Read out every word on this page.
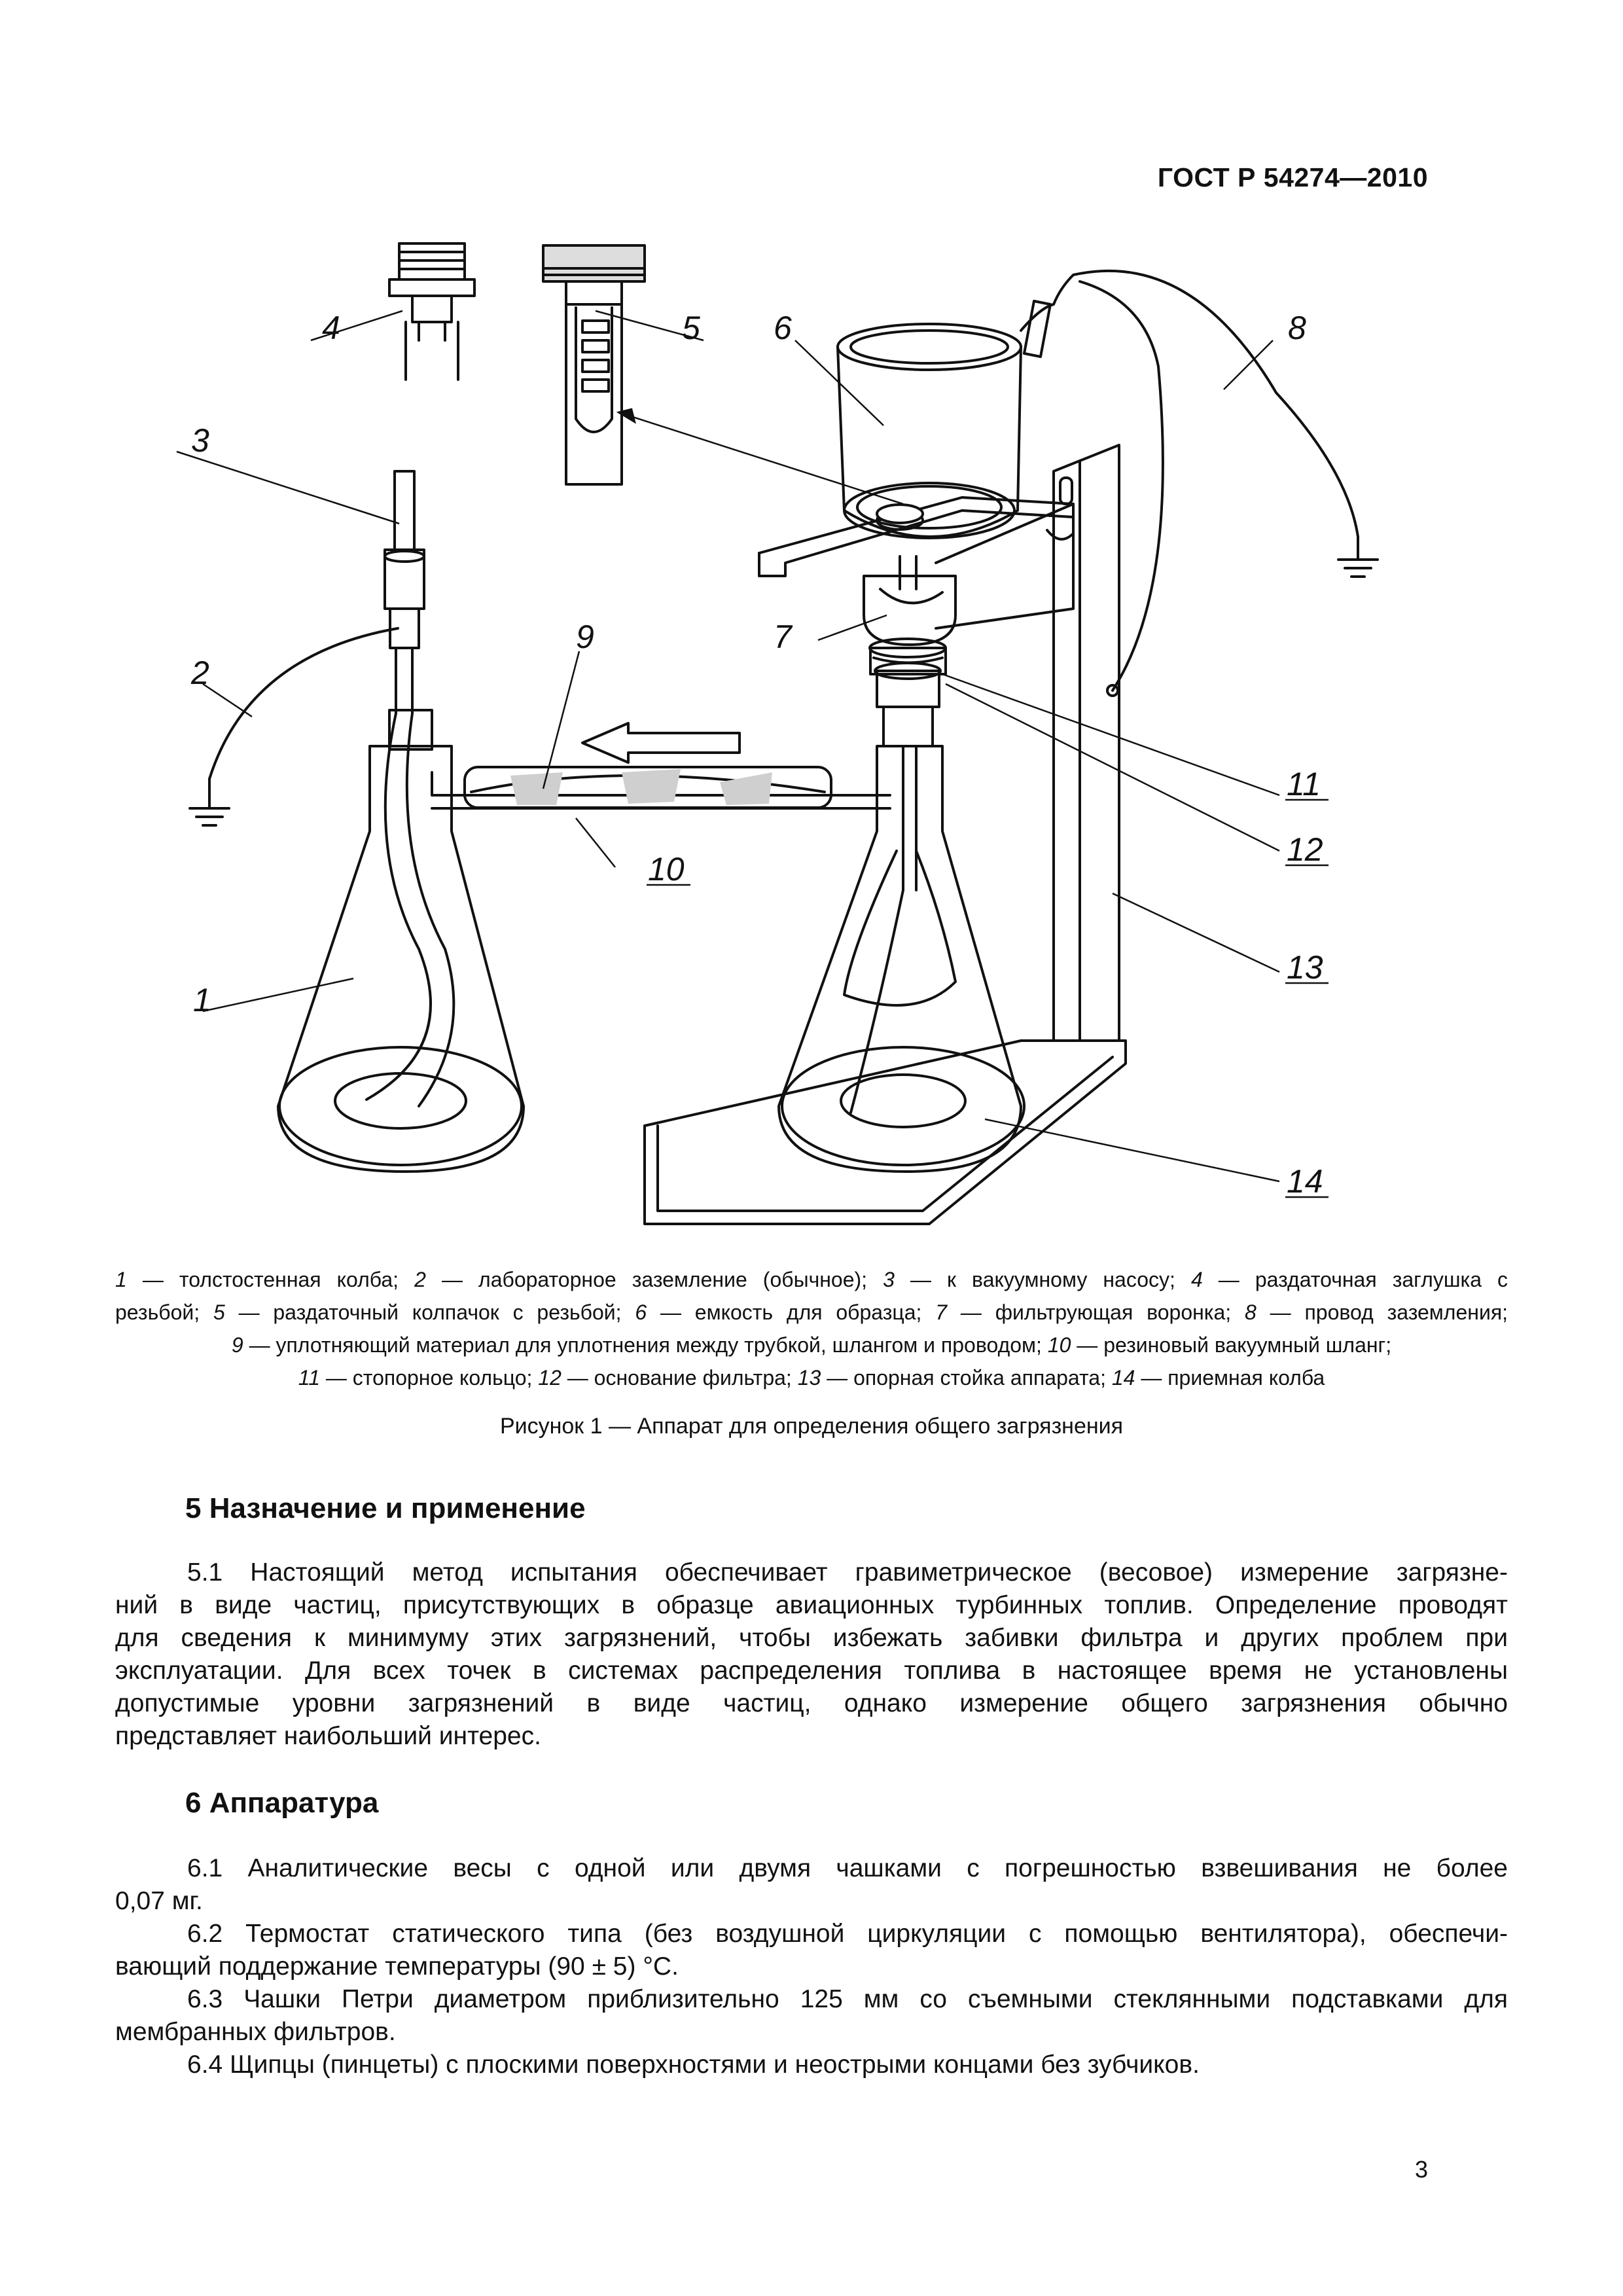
ГОСТ Р 54274—2010
1
2
3
4	5 6
7
8
9
10
11
12
13
14
1 — толстостенная колба; 2 — лабораторное заземление (обычное); 3 — к вакуумному насосу; 4 — раздаточная заглушка с
резьбой; 5 — раздаточный колпачок с резьбой; 6 — емкость для образца; 7 — фильтрующая воронка; 8 — провод заземления;
9 — уплотняющий материал для уплотнения между трубкой, шлангом и проводом; 10 — резиновый вакуумный шланг;
11 — стопорное кольцо; 12 — основание фильтра; 13 — опорная стойка аппарата; 14 — приемная колба
Рисунок 1 — Аппарат для определения общего загрязнения
5 Назначение и применение
5.1 Настоящий метод испытания обеспечивает гравиметрическое (весовое) измерение загрязне-
ний в виде частиц, присутствующих в образце авиационных турбинных топлив. Определение проводят
для сведения к минимуму этих загрязнений, чтобы избежать забивки фильтра и других проблем при
эксплуатации. Для всех точек в системах распределения топлива в настоящее время не установлены
допустимые уровни загрязнений в виде частиц, однако измерение общего загрязнения обычно
представляет наибольший интерес.
6 Аппаратура
6.1 Аналитические весы с одной или двумя чашками с погрешностью взвешивания не более
0,07 мг.
6.2 Термостат статического типа (без воздушной циркуляции с помощью вентилятора), обеспечи-
вающий поддержание температуры (90 ± 5) °С.
6.3 Чашки Петри диаметром приблизительно 125 мм со съемными стеклянными подставками для
мембранных фильтров.
6.4 Щипцы (пинцеты) с плоскими поверхностями и неострыми концами без зубчиков.
3
